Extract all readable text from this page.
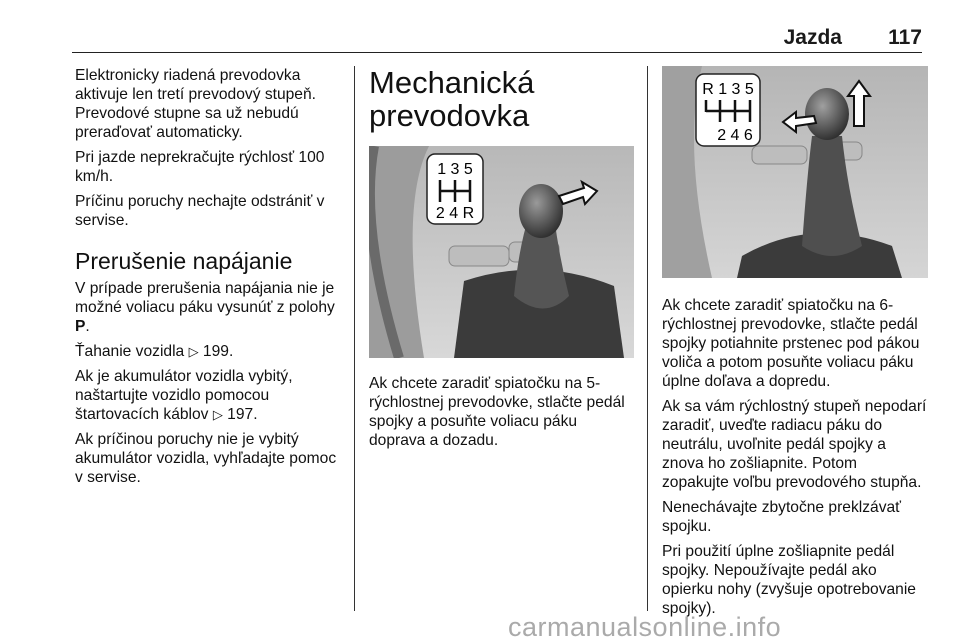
Jazda 117

Elektronicky riadená prevodovka aktivuje len tretí prevodový stupeň. Prevodové stupne sa už nebudú preraďovať automaticky.

Pri jazde neprekračujte rýchlosť 100 km/h.

Príčinu poruchy nechajte odstrániť v servise.

Prerušenie napájanie

V prípade prerušenia napájania nie je možné voliacu páku vysunúť z polohy P.

Ťahanie vozidla ▷ 199.

Ak je akumulátor vozidla vybitý, naštartujte vozidlo pomocou štartovacích káblov ▷ 197.

Ak príčinou poruchy nie je vybitý akumulátor vozidla, vyhľadajte pomoc v servise.

Mechanická prevodovka
1 3 5
2 4 R

Ak chcete zaradiť spiatočku na 5-rýchlostnej prevodovke, stlačte pedál spojky a posuňte voliacu páku doprava a dozadu.

R 1 3 5
2 4 6

Ak chcete zaradiť spiatočku na 6-rýchlostnej prevodovke, stlačte pedál spojky potiahnite prstenec pod pákou voliča a potom posuňte voliacu páku úplne doľava a dopredu.

Ak sa vám rýchlostný stupeň nepodarí zaradiť, uveďte radiacu páku do neutrálu, uvoľnite pedál spojky a znova ho zošliapnite. Potom zopakujte voľbu prevodového stupňa.

Nenechávajte zbytočne preklzávať spojku.

Pri použití úplne zošliapnite pedál spojky. Nepoužívajte pedál ako opierku nohy (zvyšuje opotrebovanie spojky).

carmanualsonline.info
